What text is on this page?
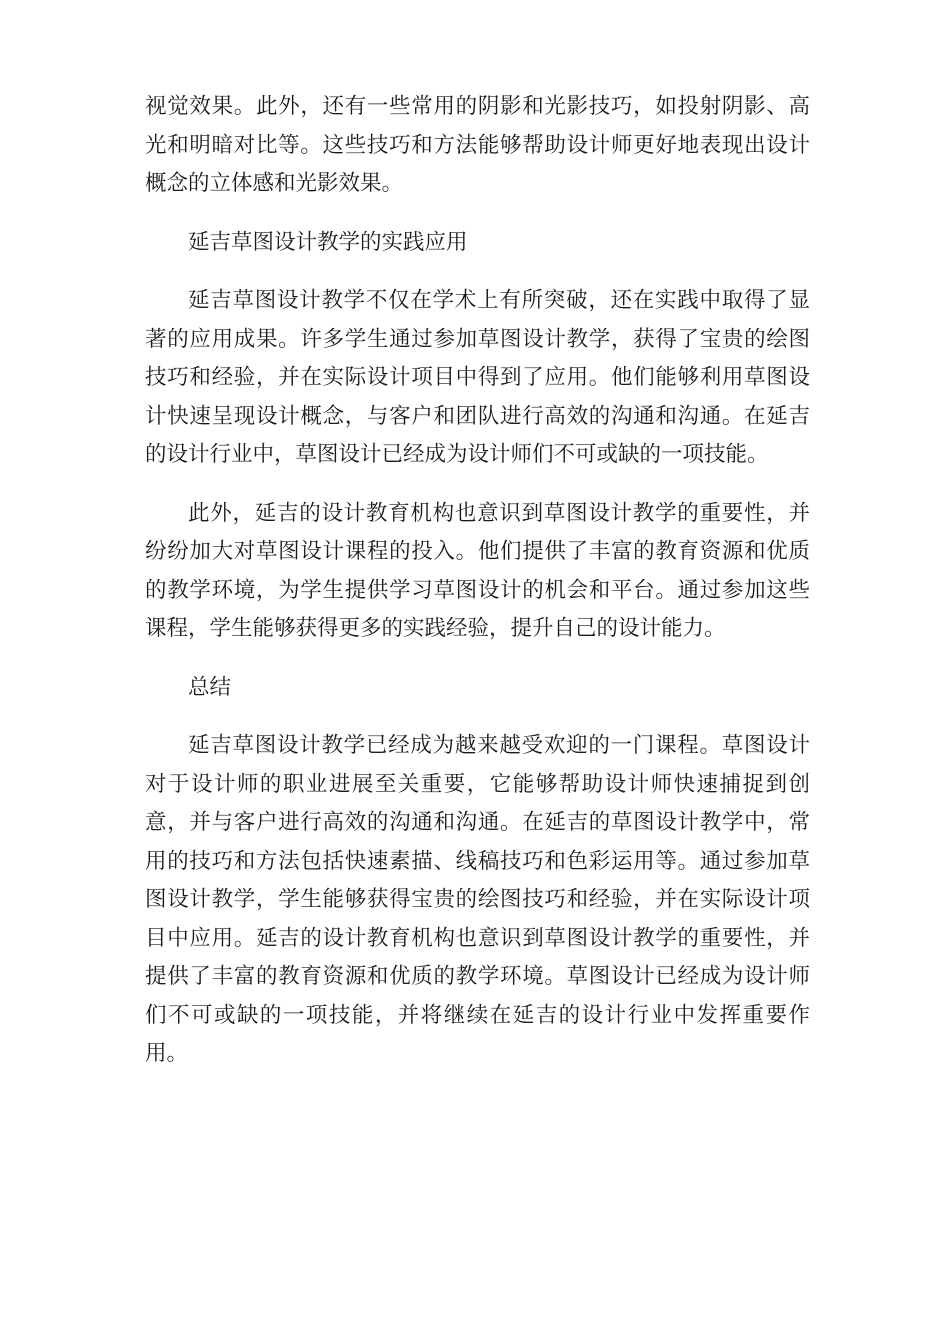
视觉效果。此外，还有一些常用的阴影和光影技巧，如投射阴影、高光和明暗对比等。这些技巧和方法能够帮助设计师更好地表现出设计概念的立体感和光影效果。

延吉草图设计教学的实践应用

延吉草图设计教学不仅在学术上有所突破，还在实践中取得了显著的应用成果。许多学生通过参加草图设计教学，获得了宝贵的绘图技巧和经验，并在实际设计项目中得到了应用。他们能够利用草图设计快速呈现设计概念，与客户和团队进行高效的沟通和沟通。在延吉的设计行业中，草图设计已经成为设计师们不可或缺的一项技能。

此外，延吉的设计教育机构也意识到草图设计教学的重要性，并纷纷加大对草图设计课程的投入。他们提供了丰富的教育资源和优质的教学环境，为学生提供学习草图设计的机会和平台。通过参加这些课程，学生能够获得更多的实践经验，提升自己的设计能力。

总结

延吉草图设计教学已经成为越来越受欢迎的一门课程。草图设计对于设计师的职业进展至关重要，它能够帮助设计师快速捕捉到创意，并与客户进行高效的沟通和沟通。在延吉的草图设计教学中，常用的技巧和方法包括快速素描、线稿技巧和色彩运用等。通过参加草图设计教学，学生能够获得宝贵的绘图技巧和经验，并在实际设计项目中应用。延吉的设计教育机构也意识到草图设计教学的重要性，并提供了丰富的教育资源和优质的教学环境。草图设计已经成为设计师们不可或缺的一项技能，并将继续在延吉的设计行业中发挥重要作用。
